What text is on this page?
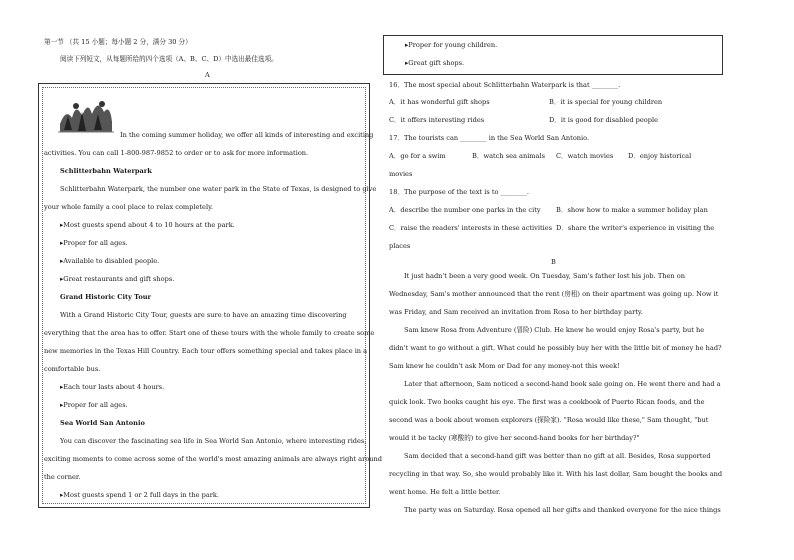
第一节 （共 15 小题；每小题 2 分，满分 30 分）
阅读下列短文，从每题所给的四个选项（A、B、C、D）中选出最佳选项。
A
In the coming summer holiday, we offer all kinds of interesting and exciting
activities. You can call 1-800-987-9852 to order or to ask for more information.
Schlitterbahn Waterpark
Schlitterbahn Waterpark, the number one water park in the State of Texas, is designed to give
your whole family a cool place to relax completely.
▸Most guests spend about 4 to 10 hours at the park.
▸Proper for all ages.
▸Available to disabled people.
▸Great restaurants and gift shops.
Grand Historic City Tour
With a Grand Historic City Tour, guests are sure to have an amazing time discovering
everything that the area has to offer. Start one of these tours with the whole family to create some
new memories in the Texas Hill Country. Each tour offers something special and takes place in a
comfortable bus.
▸Each tour lasts about 4 hours.
▸Proper for all ages.
Sea World San Antonio
You can discover the fascinating sea life in Sea World San Antonio, where interesting rides,
exciting moments to come across some of the world's most amazing animals are always right around
the corner.
▸Most guests spend 1 or 2 full days in the park.
▸Proper for young children.
▸Great gift shops.
16．The most special about Schlitterbahn Waterpark is that ________.
A．it has wonderful gift shops	B．it is special for young children
C．it offers interesting rides	D．it is good for disabled people
17．The tourists can ________ in the Sea World San Antonio.
A．go for a swim	B．watch sea animals C．watch movies D．enjoy historical
movies
18．The purpose of the text is to ________.
A．describe the number one parks in the city B．show how to make a summer holiday plan
C．raise the readers' interests in these activities D．share the writer's experience in visiting the
places
B
It just hadn't been a very good week. On Tuesday, Sam's father lost his job. Then on
Wednesday, Sam's mother announced that the rent (房租) on their apartment was going up. Now it
was Friday, and Sam received an invitation from Rosa to her birthday party.
Sam knew Rosa from Adventure (冒险) Club. He knew he would enjoy Rosa's party, but he
didn't want to go without a gift. What could he possibly buy her with the little bit of money he had?
Sam knew he couldn't ask Mom or Dad for any money-not this week!
Later that afternoon, Sam noticed a second-hand book sale going on. He went there and had a
quick look. Two books caught his eye. The first was a cookbook of Puerto Rican foods, and the
second was a book about women explorers (探险家). "Rosa would like these," Sam thought, "but
would it be tacky (寒酸的) to give her second-hand books for her birthday?"
Sam decided that a second-hand gift was better than no gift at all. Besides, Rosa supported
recycling in that way. So, she would probably like it. With his last dollar, Sam bought the books and
went home. He felt a little better.
The party was on Saturday. Rosa opened all her gifts and thanked everyone for the nice things
